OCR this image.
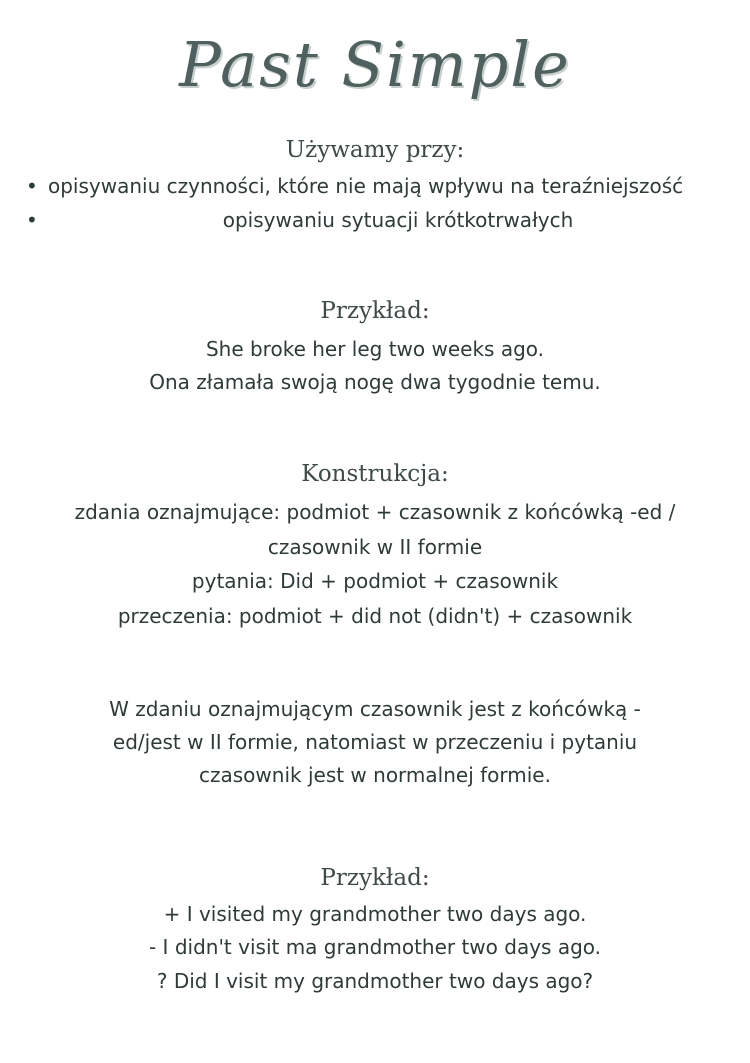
Past Simple
Używamy przy:
• opisywaniu czynności, które nie mają wpływu na teraźniejszość
•	opisywaniu sytuacji krótkotrwałych
Przykład:
She broke her leg two weeks ago.
Ona złamała swoją nogę dwa tygodnie temu.
Konstrukcja:
zdania oznajmujące: podmiot + czasownik z końcówką -ed /
czasownik w II formie
pytania: Did + podmiot + czasownik
przeczenia: podmiot + did not (didn't) + czasownik
W zdaniu oznajmującym czasownik jest z końcówką -ed/jest w II formie, natomiast w przeczeniu i pytaniu czasownik jest w normalnej formie.
Przykład:
+ I visited my grandmother two days ago.
- I didn't visit ma grandmother two days ago.
? Did I visit my grandmother two days ago?
